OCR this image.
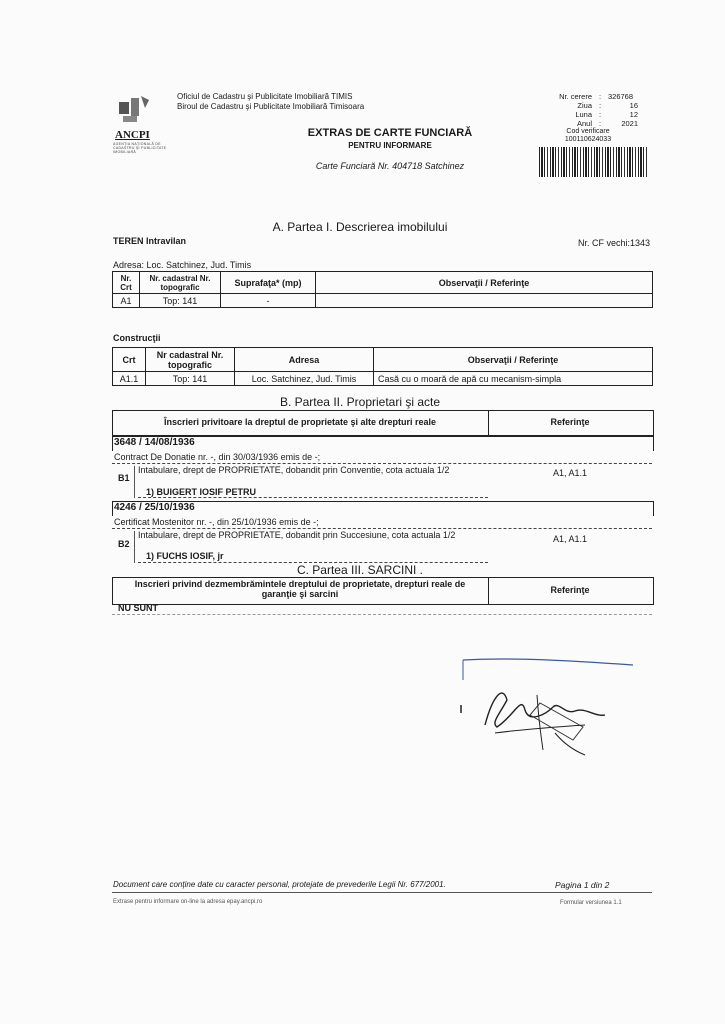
ANCPI
AGENŢIA NAŢIONALĂ DE CADASTRU ŞI PUBLICITATE IMOBILIARĂ
Oficiul de Cadastru şi Publicitate Imobiliară TIMIS
Biroul de Cadastru şi Publicitate Imobiliară Timisoara
EXTRAS DE CARTE FUNCIARĂ
PENTRU INFORMARE
Carte Funciară Nr. 404718 Satchinez
Nr. cerere : 326768
Ziua :	16
Luna :	12
Anul :	2021
Cod verificare
100110624033
A. Partea I. Descrierea imobilului
TEREN Intravilan	Nr. CF vechi:1343
Adresa: Loc. Satchinez, Jud. Timis
Nr. Crt	Nr. cadastral Nr. topografic	Suprafaţa* (mp)	Observaţii / Referinţe
A1	Top: 141	-	
Construcţii
Crt	Nr cadastral Nr. topografic	Adresa	Observaţii / Referinţe
A1.1	Top: 141	Loc. Satchinez, Jud. Timis	Casă cu o moară de apă cu mecanism-simpla
B. Partea II. Proprietari şi acte
Înscrieri privitoare la dreptul de proprietate şi alte drepturi reale	Referinţe
3648 / 14/08/1936
Contract De Donatie nr. -, din 30/03/1936 emis de -;
B1
Intabulare, drept de PROPRIETATE, dobandit prin Conventie, cota actuala 1/2
1) BUIGERT IOSIF PETRU
A1, A1.1
4246 / 25/10/1936
Certificat Mostenitor nr. -, din 25/10/1936 emis de -;
B2
Intabulare, drept de PROPRIETATE, dobandit prin Succesiune, cota actuala 1/2
1) FUCHS IOSIF, jr
A1, A1.1
C. Partea III. SARCINI .
Inscrieri privind dezmembrămintele dreptului de proprietate, drepturi reale de garanţie şi sarcini	Referinţe
NU SUNT
Document care conţine date cu caracter personal, protejate de prevederile Legii Nr. 677/2001.	Pagina 1 din 2
Extrase pentru informare on-line la adresa epay.ancpi.ro	Formular versiunea 1.1
